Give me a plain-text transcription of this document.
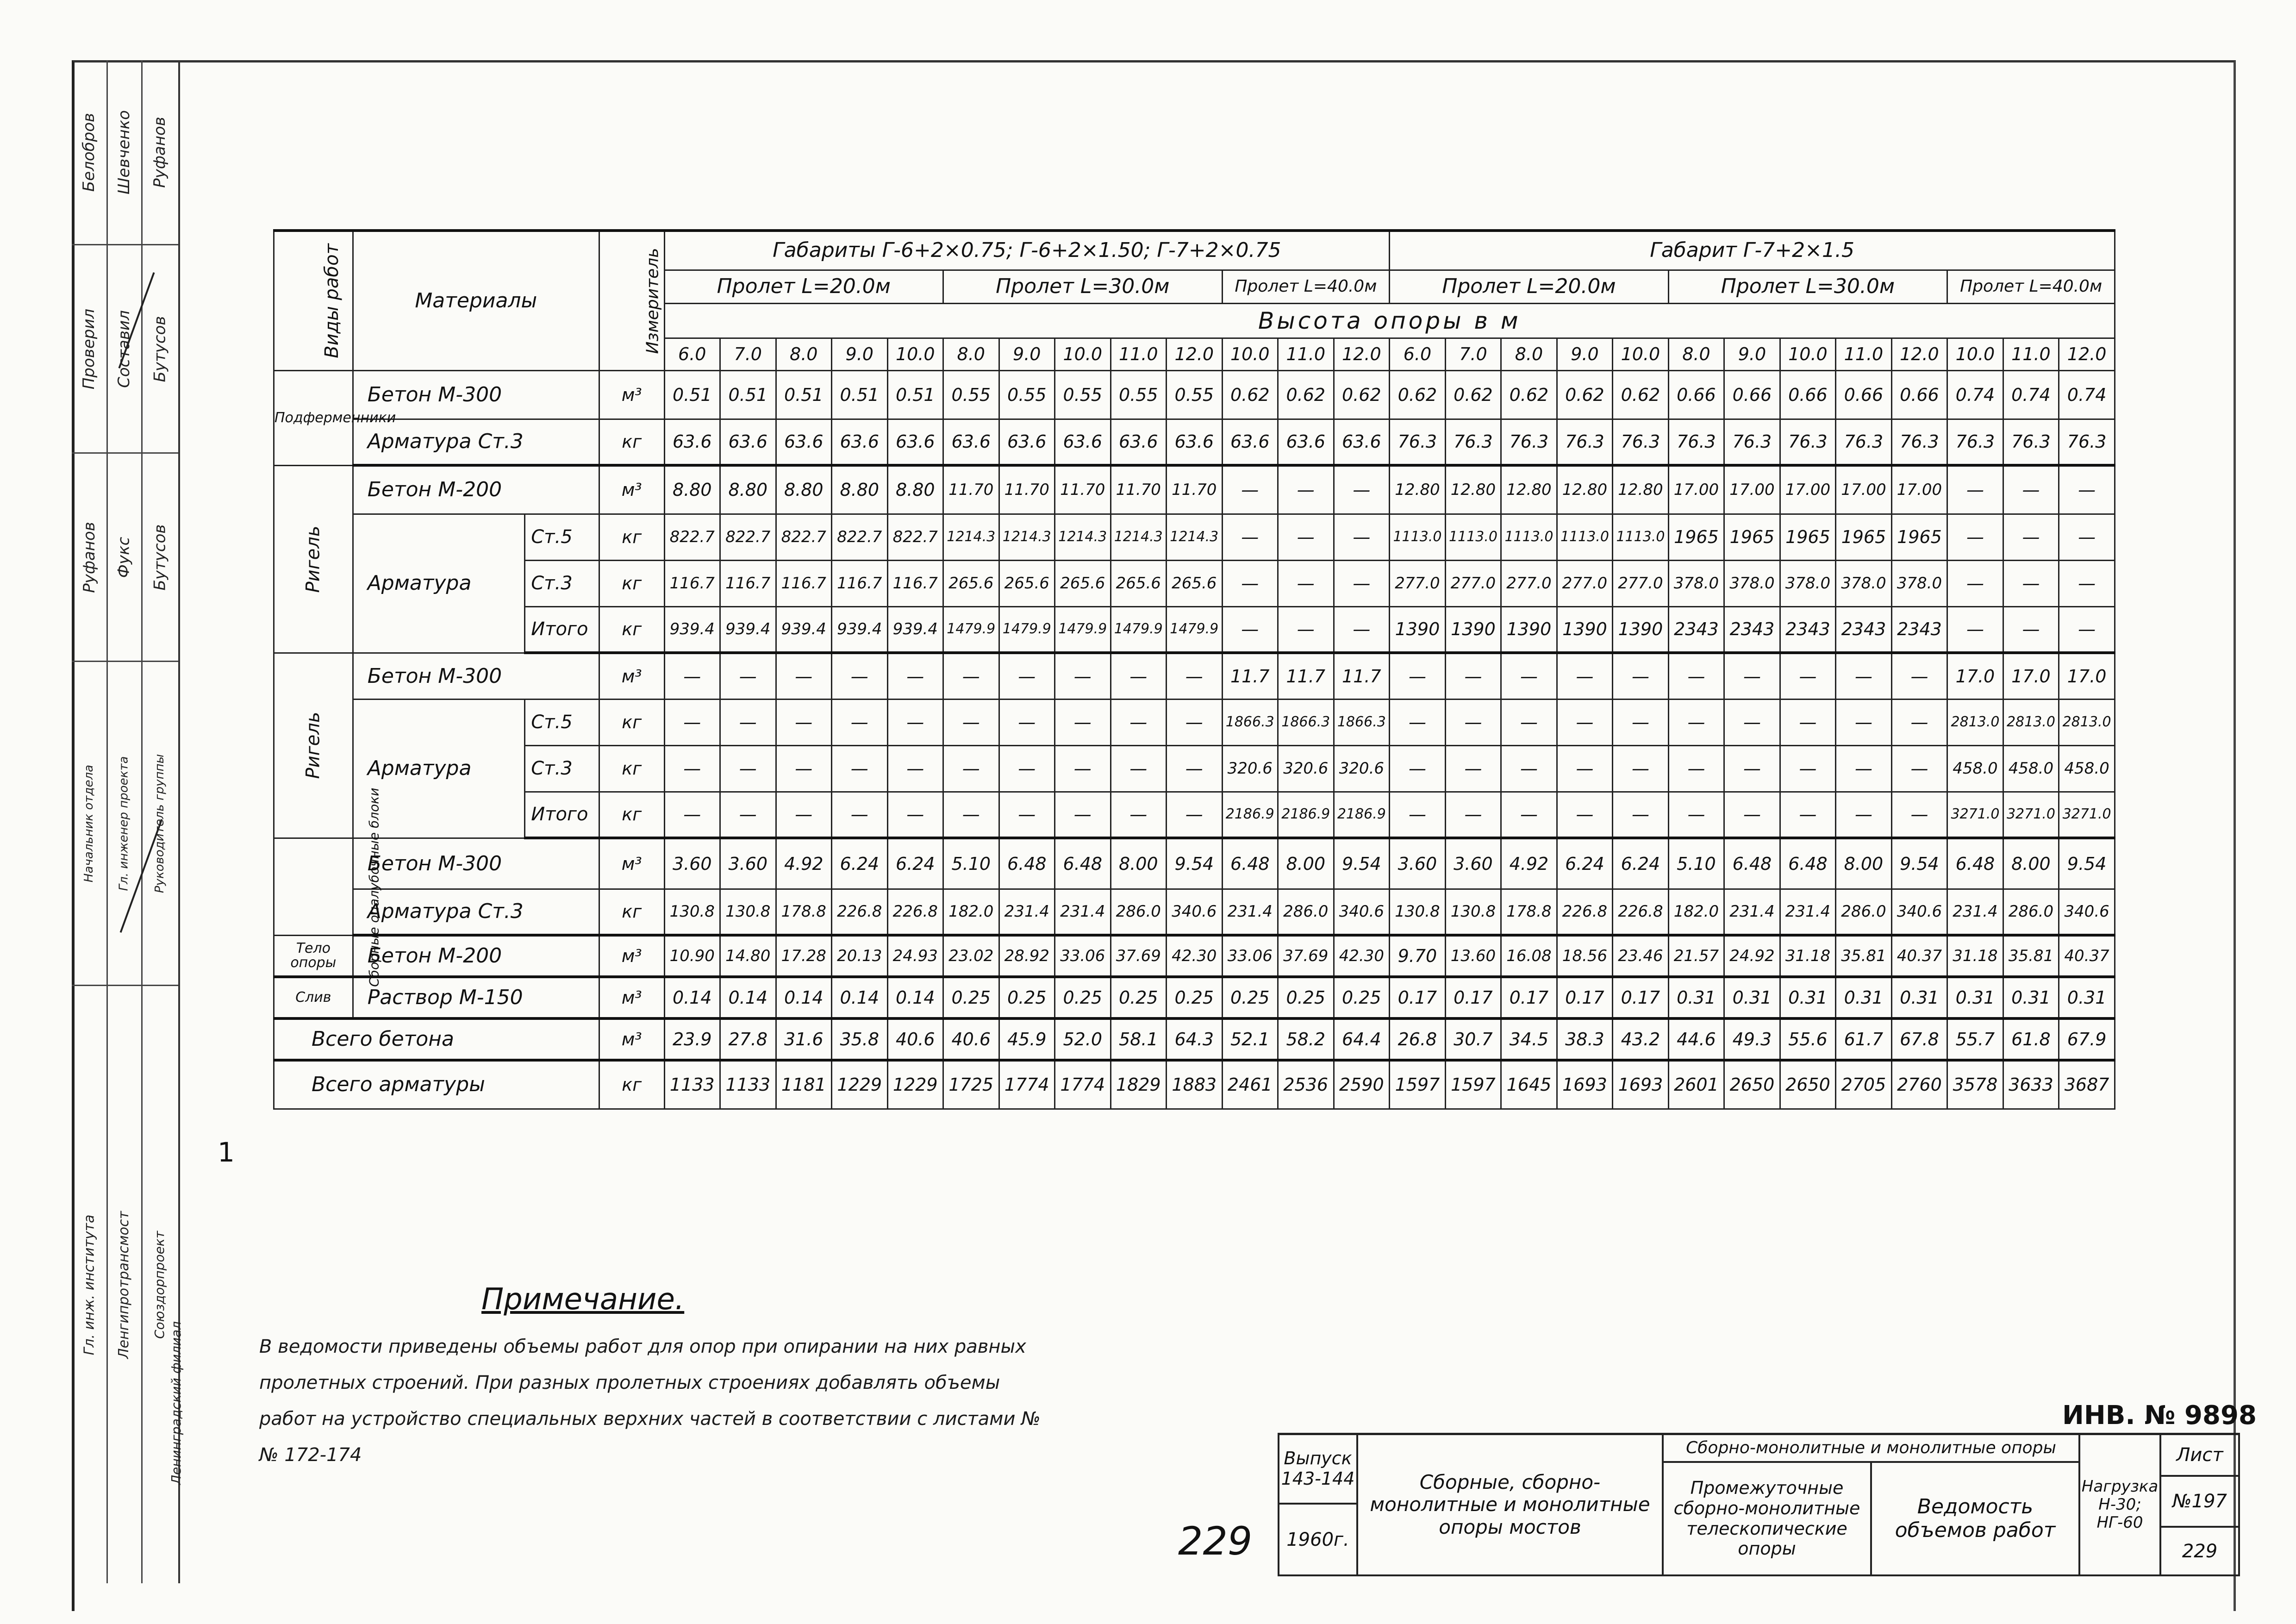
Белобров
Проверил
Руфанов
Начальник отдела
Гл. инж. института
Шевченко
Составил
Фукс
Гл. инженер проекта
Ленгипротрансмост
Руфанов
Бутусов
Бутусов
Руководитель группы
Союздорпроект
Ленинградский филиал
1
Виды работ	Материалы		Измеритель	Габариты Г-6+2×0.75; Г-6+2×1.50; Г-7+2×0.75													Габарит Г-7+2×1.5												
				Пролет L=20.0м					Пролет L=30.0м					Пролет L=40.0м			Пролет L=20.0м					Пролет L=30.0м					Пролет L=40.0м		
				Высота опоры в м																									
				6.0	7.0	8.0	9.0	10.0	8.0	9.0	10.0	11.0	12.0	10.0	11.0	12.0	6.0	7.0	8.0	9.0	10.0	8.0	9.0	10.0	11.0	12.0	10.0	11.0	12.0

Подферменники	Бетон М-300		м³	0.51	0.51	0.51	0.51	0.51	0.55	0.55	0.55	0.55	0.55	0.62	0.62	0.62	0.62	0.62	0.62	0.62	0.62	0.66	0.66	0.66	0.66	0.66	0.74	0.74	0.74
	Арматура Ст.3		кг	63.6	63.6	63.6	63.6	63.6	63.6	63.6	63.6	63.6	63.6	63.6	63.6	63.6	76.3	76.3	76.3	76.3	76.3	76.3	76.3	76.3	76.3	76.3	76.3	76.3	76.3
Ригель	Бетон М-200		м³	8.80	8.80	8.80	8.80	8.80	11.70	11.70	11.70	11.70	11.70	—	—	—	12.80	12.80	12.80	12.80	12.80	17.00	17.00	17.00	17.00	17.00	—	—	—
	Арматура	Ст.5	кг	822.7	822.7	822.7	822.7	822.7	1214.3	1214.3	1214.3	1214.3	1214.3	—	—	—	1113.0	1113.0	1113.0	1113.0	1113.0	1965	1965	1965	1965	1965	—	—	—
		Ст.3	кг	116.7	116.7	116.7	116.7	116.7	265.6	265.6	265.6	265.6	265.6	—	—	—	277.0	277.0	277.0	277.0	277.0	378.0	378.0	378.0	378.0	378.0	—	—	—
		Итого	кг	939.4	939.4	939.4	939.4	939.4	1479.9	1479.9	1479.9	1479.9	1479.9	—	—	—	1390	1390	1390	1390	1390	2343	2343	2343	2343	2343	—	—	—
Ригель	Бетон М-300		м³	—	—	—	—	—	—	—	—	—	—	11.7	11.7	11.7	—	—	—	—	—	—	—	—	—	—	17.0	17.0	17.0
	Арматура	Ст.5	кг	—	—	—	—	—	—	—	—	—	—	1866.3	1866.3	1866.3	—	—	—	—	—	—	—	—	—	—	2813.0	2813.0	2813.0
		Ст.3	кг	—	—	—	—	—	—	—	—	—	—	320.6	320.6	320.6	—	—	—	—	—	—	—	—	—	—	458.0	458.0	458.0
		Итого	кг	—	—	—	—	—	—	—	—	—	—	2186.9	2186.9	2186.9	—	—	—	—	—	—	—	—	—	—	3271.0	3271.0	3271.0
Сборные опалубочные блоки	Бетон М-300		м³	3.60	3.60	4.92	6.24	6.24	5.10	6.48	6.48	8.00	9.54	6.48	8.00	9.54	3.60	3.60	4.92	6.24	6.24	5.10	6.48	6.48	8.00	9.54	6.48	8.00	9.54
	Арматура Ст.3		кг	130.8	130.8	178.8	226.8	226.8	182.0	231.4	231.4	286.0	340.6	231.4	286.0	340.6	130.8	130.8	178.8	226.8	226.8	182.0	231.4	231.4	286.0	340.6	231.4	286.0	340.6

Тело опоры	Бетон М-200		м³	10.90	14.80	17.28	20.13	24.93	23.02	28.92	33.06	37.69	42.30	33.06	37.69	42.30	9.70	13.60	16.08	18.56	23.46	21.57	24.92	31.18	35.81	40.37	31.18	35.81	40.37

Слив	Раствор М-150		м³	0.14	0.14	0.14	0.14	0.14	0.25	0.25	0.25	0.25	0.25	0.25	0.25	0.25	0.17	0.17	0.17	0.17	0.17	0.31	0.31	0.31	0.31	0.31	0.31	0.31	0.31
Всего бетона			м³	23.9	27.8	31.6	35.8	40.6	40.6	45.9	52.0	58.1	64.3	52.1	58.2	64.4	26.8	30.7	34.5	38.3	43.2	44.6	49.3	55.6	61.7	67.8	55.7	61.8	67.9
Всего арматуры			кг	1133	1133	1181	1229	1229	1725	1774	1774	1829	1883	2461	2536	2590	1597	1597	1645	1693	1693	2601	2650	2650	2705	2760	3578	3633	3687
Примечание.
В ведомости приведены объемы работ для опор при опирании на них равных пролетных строений. При разных пролетных строениях добавлять объемы работ на устройство специальных верхних частей в соответствии с листами №№ 172-174
ИНВ. № 9898
229
Выпуск
143-144
1960г.
Сборные, сборно-монолитные и монолитные опоры мостов
Сборно-монолитные и монолитные опоры
Промежуточные сборно-монолитные телескопические опоры
Ведомость объемов работ
Нагрузка Н-30; НГ-60
Лист
№197
229
